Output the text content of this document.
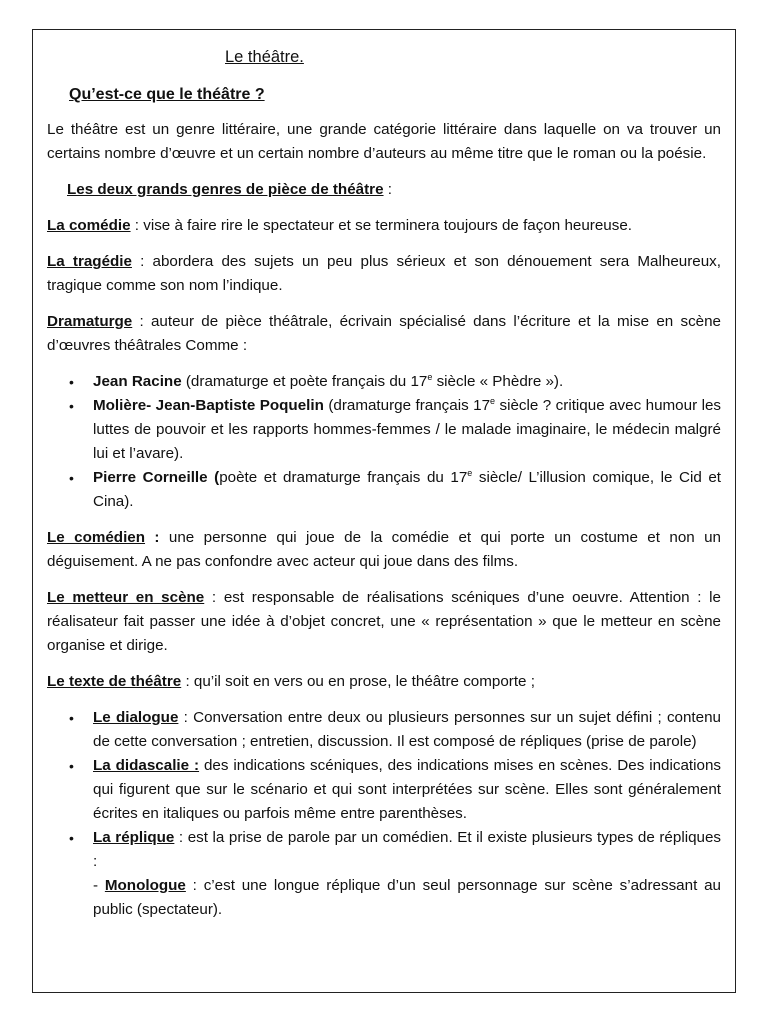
Le théâtre.
Qu’est-ce que le théâtre ?

Le théâtre est un genre littéraire, une grande catégorie littéraire dans laquelle on va trouver un certains nombre d’œuvre et un certain nombre d’auteurs au même titre que le roman ou la poésie.

Les deux grands genres de pièce de théâtre :

La comédie : vise à faire rire le spectateur et se terminera toujours de façon heureuse.

La tragédie : abordera des sujets un peu plus sérieux et son dénouement sera Malheureux, tragique comme son nom l’indique.

Dramaturge : auteur de pièce théâtrale, écrivain spécialisé dans l’écriture et la mise en scène d’œuvres théâtrales Comme :

• Jean Racine (dramaturge et poète français du 17e siècle « Phèdre »).
• Molière- Jean-Baptiste Poquelin (dramaturge français 17e siècle ? critique avec humour les luttes de pouvoir et les rapports hommes-femmes / le malade imaginaire, le médecin malgré lui et l’avare).
• Pierre Corneille (poète et dramaturge français du 17e siècle/ L’illusion comique, le Cid et Cina).

Le comédien : une personne qui joue de la comédie et qui porte un costume et non un déguisement. A ne pas confondre avec acteur qui joue dans des films.

Le metteur en scène : est responsable de réalisations scéniques d’une oeuvre. Attention : le réalisateur fait passer une idée à d’objet concret, une « représentation » que le metteur en scène organise et dirige.

Le texte de théâtre : qu’il soit en vers ou en prose, le théâtre comporte ;

• Le dialogue : Conversation entre deux ou plusieurs personnes sur un sujet défini ; contenu de cette conversation ; entretien, discussion. Il est composé de répliques (prise de parole)
• La didascalie : des indications scéniques, des indications mises en scènes. Des indications qui figurent que sur le scénario et qui sont interprétées sur scène. Elles sont généralement écrites en italiques ou parfois même entre parenthèses.
• La réplique : est la prise de parole par un comédien. Et il existe plusieurs types de répliques :
- Monologue : c’est une longue réplique d’un seul personnage sur scène s’adressant au public (spectateur).
